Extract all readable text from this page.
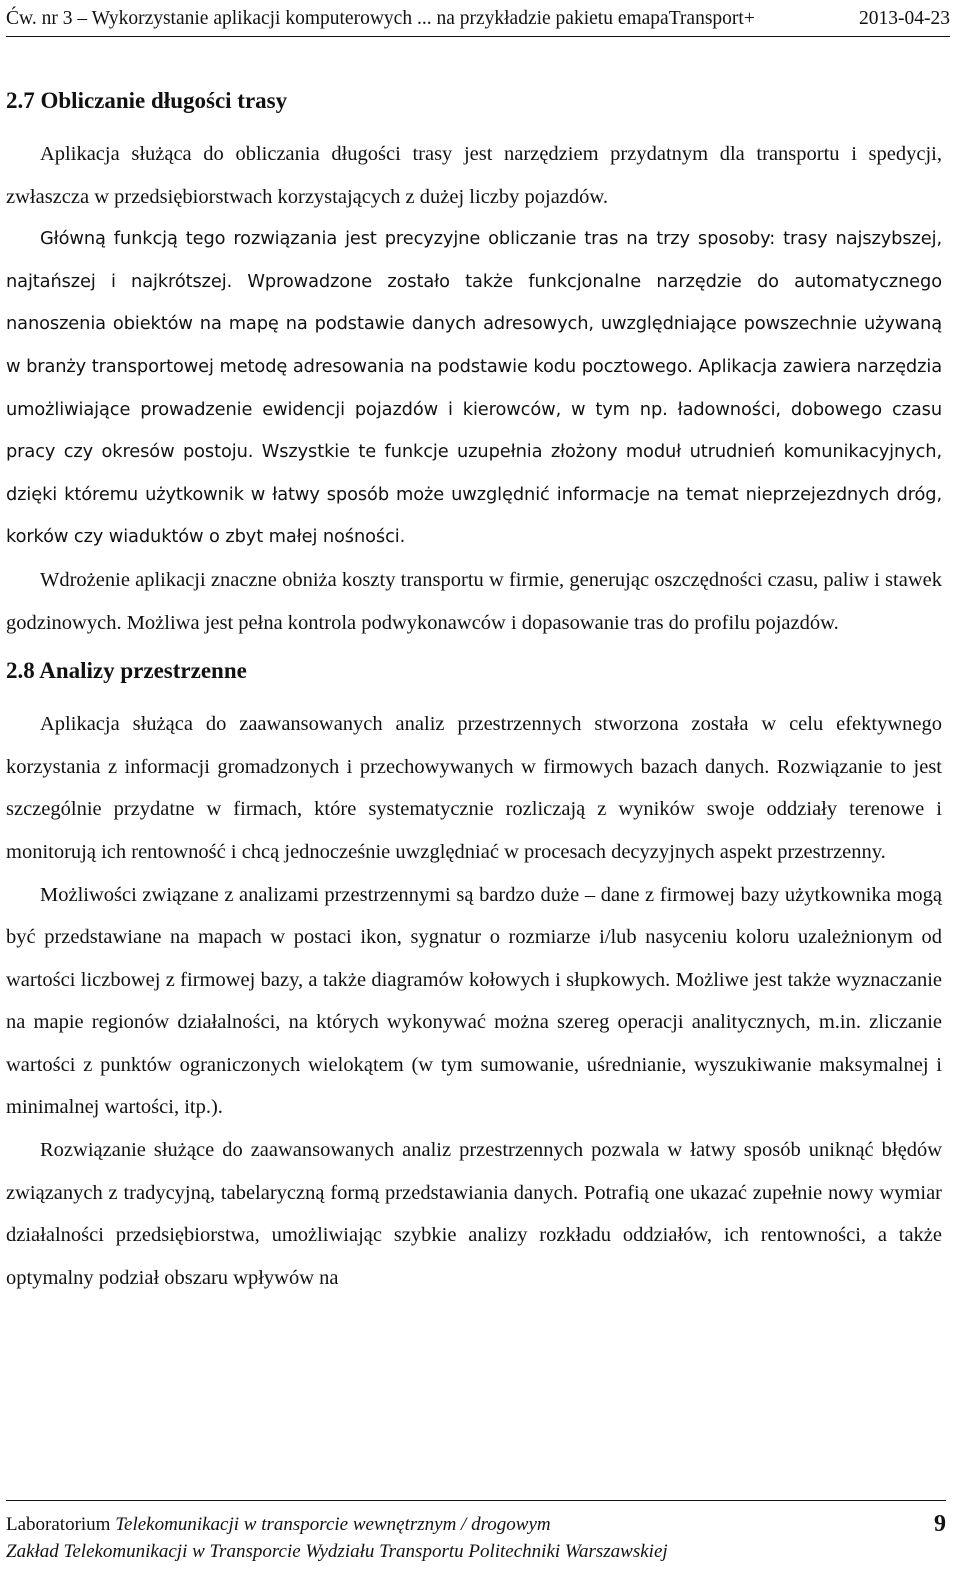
Ćw. nr 3 – Wykorzystanie aplikacji komputerowych ... na przykładzie pakietu emapaTransport+	2013-04-23
2.7 Obliczanie długości trasy

Aplikacja służąca do obliczania długości trasy jest narzędziem przydatnym dla transportu i spedycji, zwłaszcza w przedsiębiorstwach korzystających z dużej liczby pojazdów.

Główną funkcją tego rozwiązania jest precyzyjne obliczanie tras na trzy sposoby: trasy najszybszej, najtańszej i najkrótszej. Wprowadzone zostało także funkcjonalne narzędzie do automatycznego nanoszenia obiektów na mapę na podstawie danych adresowych, uwzględniające powszechnie używaną w branży transportowej metodę adresowania na podstawie kodu pocztowego. Aplikacja zawiera narzędzia umożliwiające prowadzenie ewidencji pojazdów i kierowców, w tym np. ładowności, dobowego czasu pracy czy okresów postoju. Wszystkie te funkcje uzupełnia złożony moduł utrudnień komunikacyjnych, dzięki któremu użytkownik w łatwy sposób może uwzględnić informacje na temat nieprzejezdnych dróg, korków czy wiaduktów o zbyt małej nośności.

Wdrożenie aplikacji znaczne obniża koszty transportu w firmie, generując oszczędności czasu, paliw i stawek godzinowych. Możliwa jest pełna kontrola podwykonawców i dopasowanie tras do profilu pojazdów.

2.8 Analizy przestrzenne

Aplikacja służąca do zaawansowanych analiz przestrzennych stworzona została w celu efektywnego korzystania z informacji gromadzonych i przechowywanych w firmowych bazach danych. Rozwiązanie to jest szczególnie przydatne w firmach, które systematycznie rozliczają z wyników swoje oddziały terenowe i monitorują ich rentowność i chcą jednocześnie uwzględniać w procesach decyzyjnych aspekt przestrzenny.

Możliwości związane z analizami przestrzennymi są bardzo duże – dane z firmowej bazy użytkownika mogą być przedstawiane na mapach w postaci ikon, sygnatur o rozmiarze i/lub nasyceniu koloru uzależnionym od wartości liczbowej z firmowej bazy, a także diagramów kołowych i słupkowych. Możliwe jest także wyznaczanie na mapie regionów działalności, na których wykonywać można szereg operacji analitycznych, m.in. zliczanie wartości z punktów ograniczonych wielokątem (w tym sumowanie, uśrednianie, wyszukiwanie maksymalnej i minimalnej wartości, itp.).

Rozwiązanie służące do zaawansowanych analiz przestrzennych pozwala w łatwy sposób uniknąć błędów związanych z tradycyjną, tabelaryczną formą przedstawiania danych. Potrafią one ukazać zupełnie nowy wymiar działalności przedsiębiorstwa, umożliwiając szybkie analizy rozkładu oddziałów, ich rentowności, a także optymalny podział obszaru wpływów na

Laboratorium Telekomunikacji w transporcie wewnętrznym / drogowym	9
Zakład Telekomunikacji w Transporcie Wydziału Transportu Politechniki Warszawskiej
